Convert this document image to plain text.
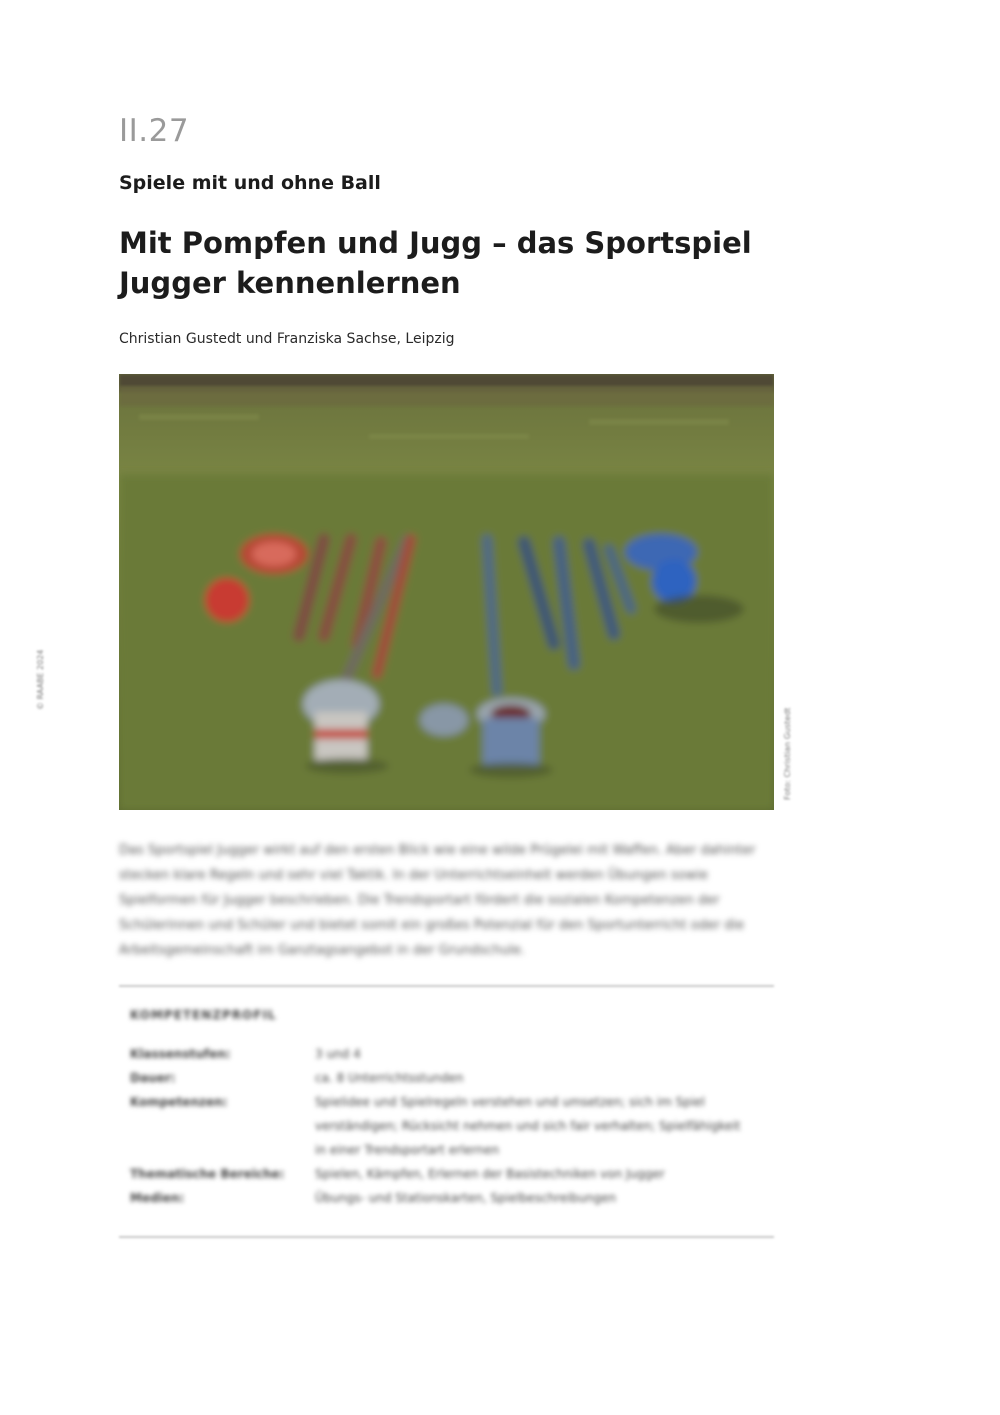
II.27
Spiele mit und ohne Ball
Mit Pompfen und Jugg – das Sportspiel Jugger kennenlernen
Christian Gustedt und Franziska Sachse, Leipzig
© RAABE 2024
Foto: Christian Gustedt
Das Sportspiel Jugger wirkt auf den ersten Blick wie eine wilde Prügelei mit Waffen. Aber dahinter stecken klare Regeln und sehr viel Taktik. In der Unterrichtseinheit werden Übungen sowie Spielformen für Jugger beschrieben. Die Trendsportart fördert die sozialen Kompetenzen der Schülerinnen und Schüler und bietet somit ein großes Potenzial für den Sportunterricht oder die Arbeitsgemeinschaft im Ganztagsangebot in der Grundschule.
KOMPETENZPROFIL
Klassenstufen:	3 und 4
Dauer:	ca. 8 Unterrichtsstunden
Kompetenzen:	Spielidee und Spielregeln verstehen und umsetzen; sich im Spiel verständigen; Rücksicht nehmen und sich fair verhalten; Spielfähigkeit in einer Trendsportart erlernen
Thematische Bereiche:	Spielen, Kämpfen, Erlernen der Basistechniken von Jugger
Medien:	Übungs- und Stationskarten, Spielbeschreibungen
